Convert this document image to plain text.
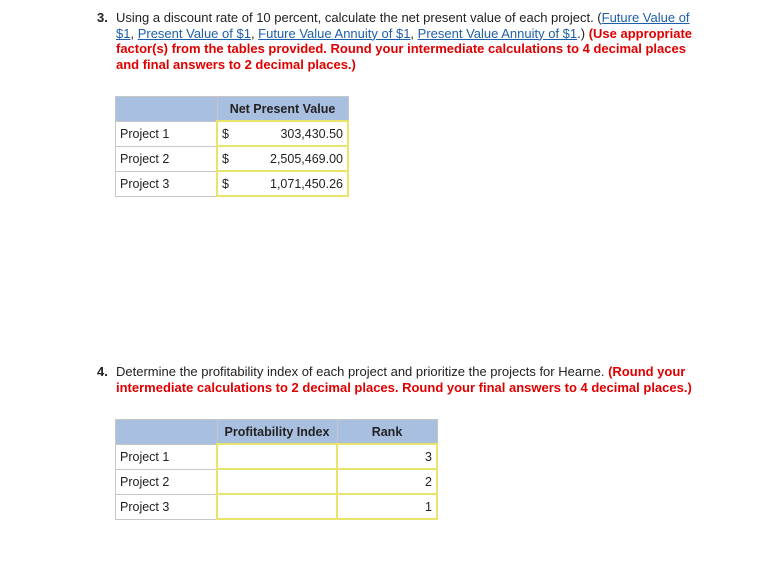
3. Using a discount rate of 10 percent, calculate the net present value of each project. (Future Value of $1, Present Value of $1, Future Value Annuity of $1, Present Value Annuity of $1.) (Use appropriate factor(s) from the tables provided. Round your intermediate calculations to 4 decimal places and final answers to 2 decimal places.)
	Net Present Value	
Project 1	$	303,430.50
Project 2	$	2,505,469.00
Project 3	$	1,071,450.26
4. Determine the profitability index of each project and prioritize the projects for Hearne. (Round your intermediate calculations to 2 decimal places. Round your final answers to 4 decimal places.)
	Profitability Index	Rank
Project 1		3
Project 2		2
Project 3		1
